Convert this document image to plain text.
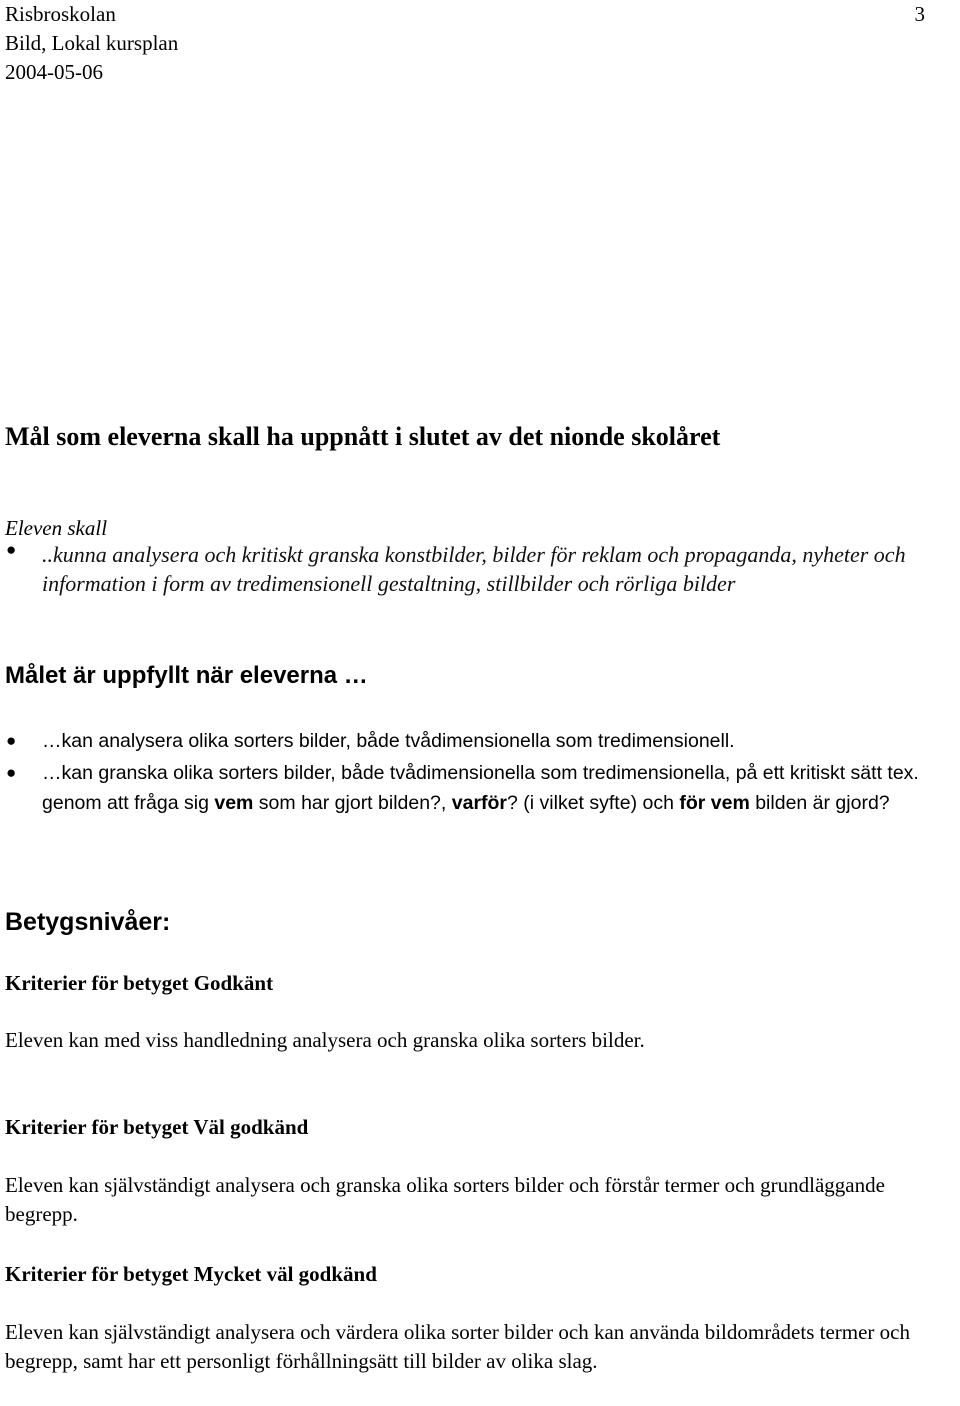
Risbroskolan
Bild, Lokal kursplan
2004-05-06
3
Mål som eleverna skall ha uppnått i slutet av det nionde skolåret
Eleven skall
● ..kunna analysera och kritiskt granska konstbilder, bilder för reklam och propaganda, nyheter och information i form av tredimensionell gestaltning, stillbilder och rörliga bilder
Målet är uppfyllt när eleverna …
● …kan analysera olika sorters bilder, både tvådimensionella som tredimensionell.
● …kan granska olika sorters bilder, både tvådimensionella som tredimensionella, på ett kritiskt sätt tex. genom att fråga sig vem som har gjort bilden?, varför? (i vilket syfte) och för vem bilden är gjord?
Betygsnivåer:
Kriterier för betyget Godkänt

Eleven kan med viss handledning analysera och granska olika sorters bilder.

Kriterier för betyget Väl godkänd

Eleven kan självständigt analysera och granska olika sorters bilder och förstår termer och grundläggande begrepp.

Kriterier för betyget Mycket väl godkänd

Eleven kan självständigt analysera och värdera olika sorter bilder och kan använda bildområdets termer och begrepp, samt har ett personligt förhållningsätt till bilder av olika slag.
